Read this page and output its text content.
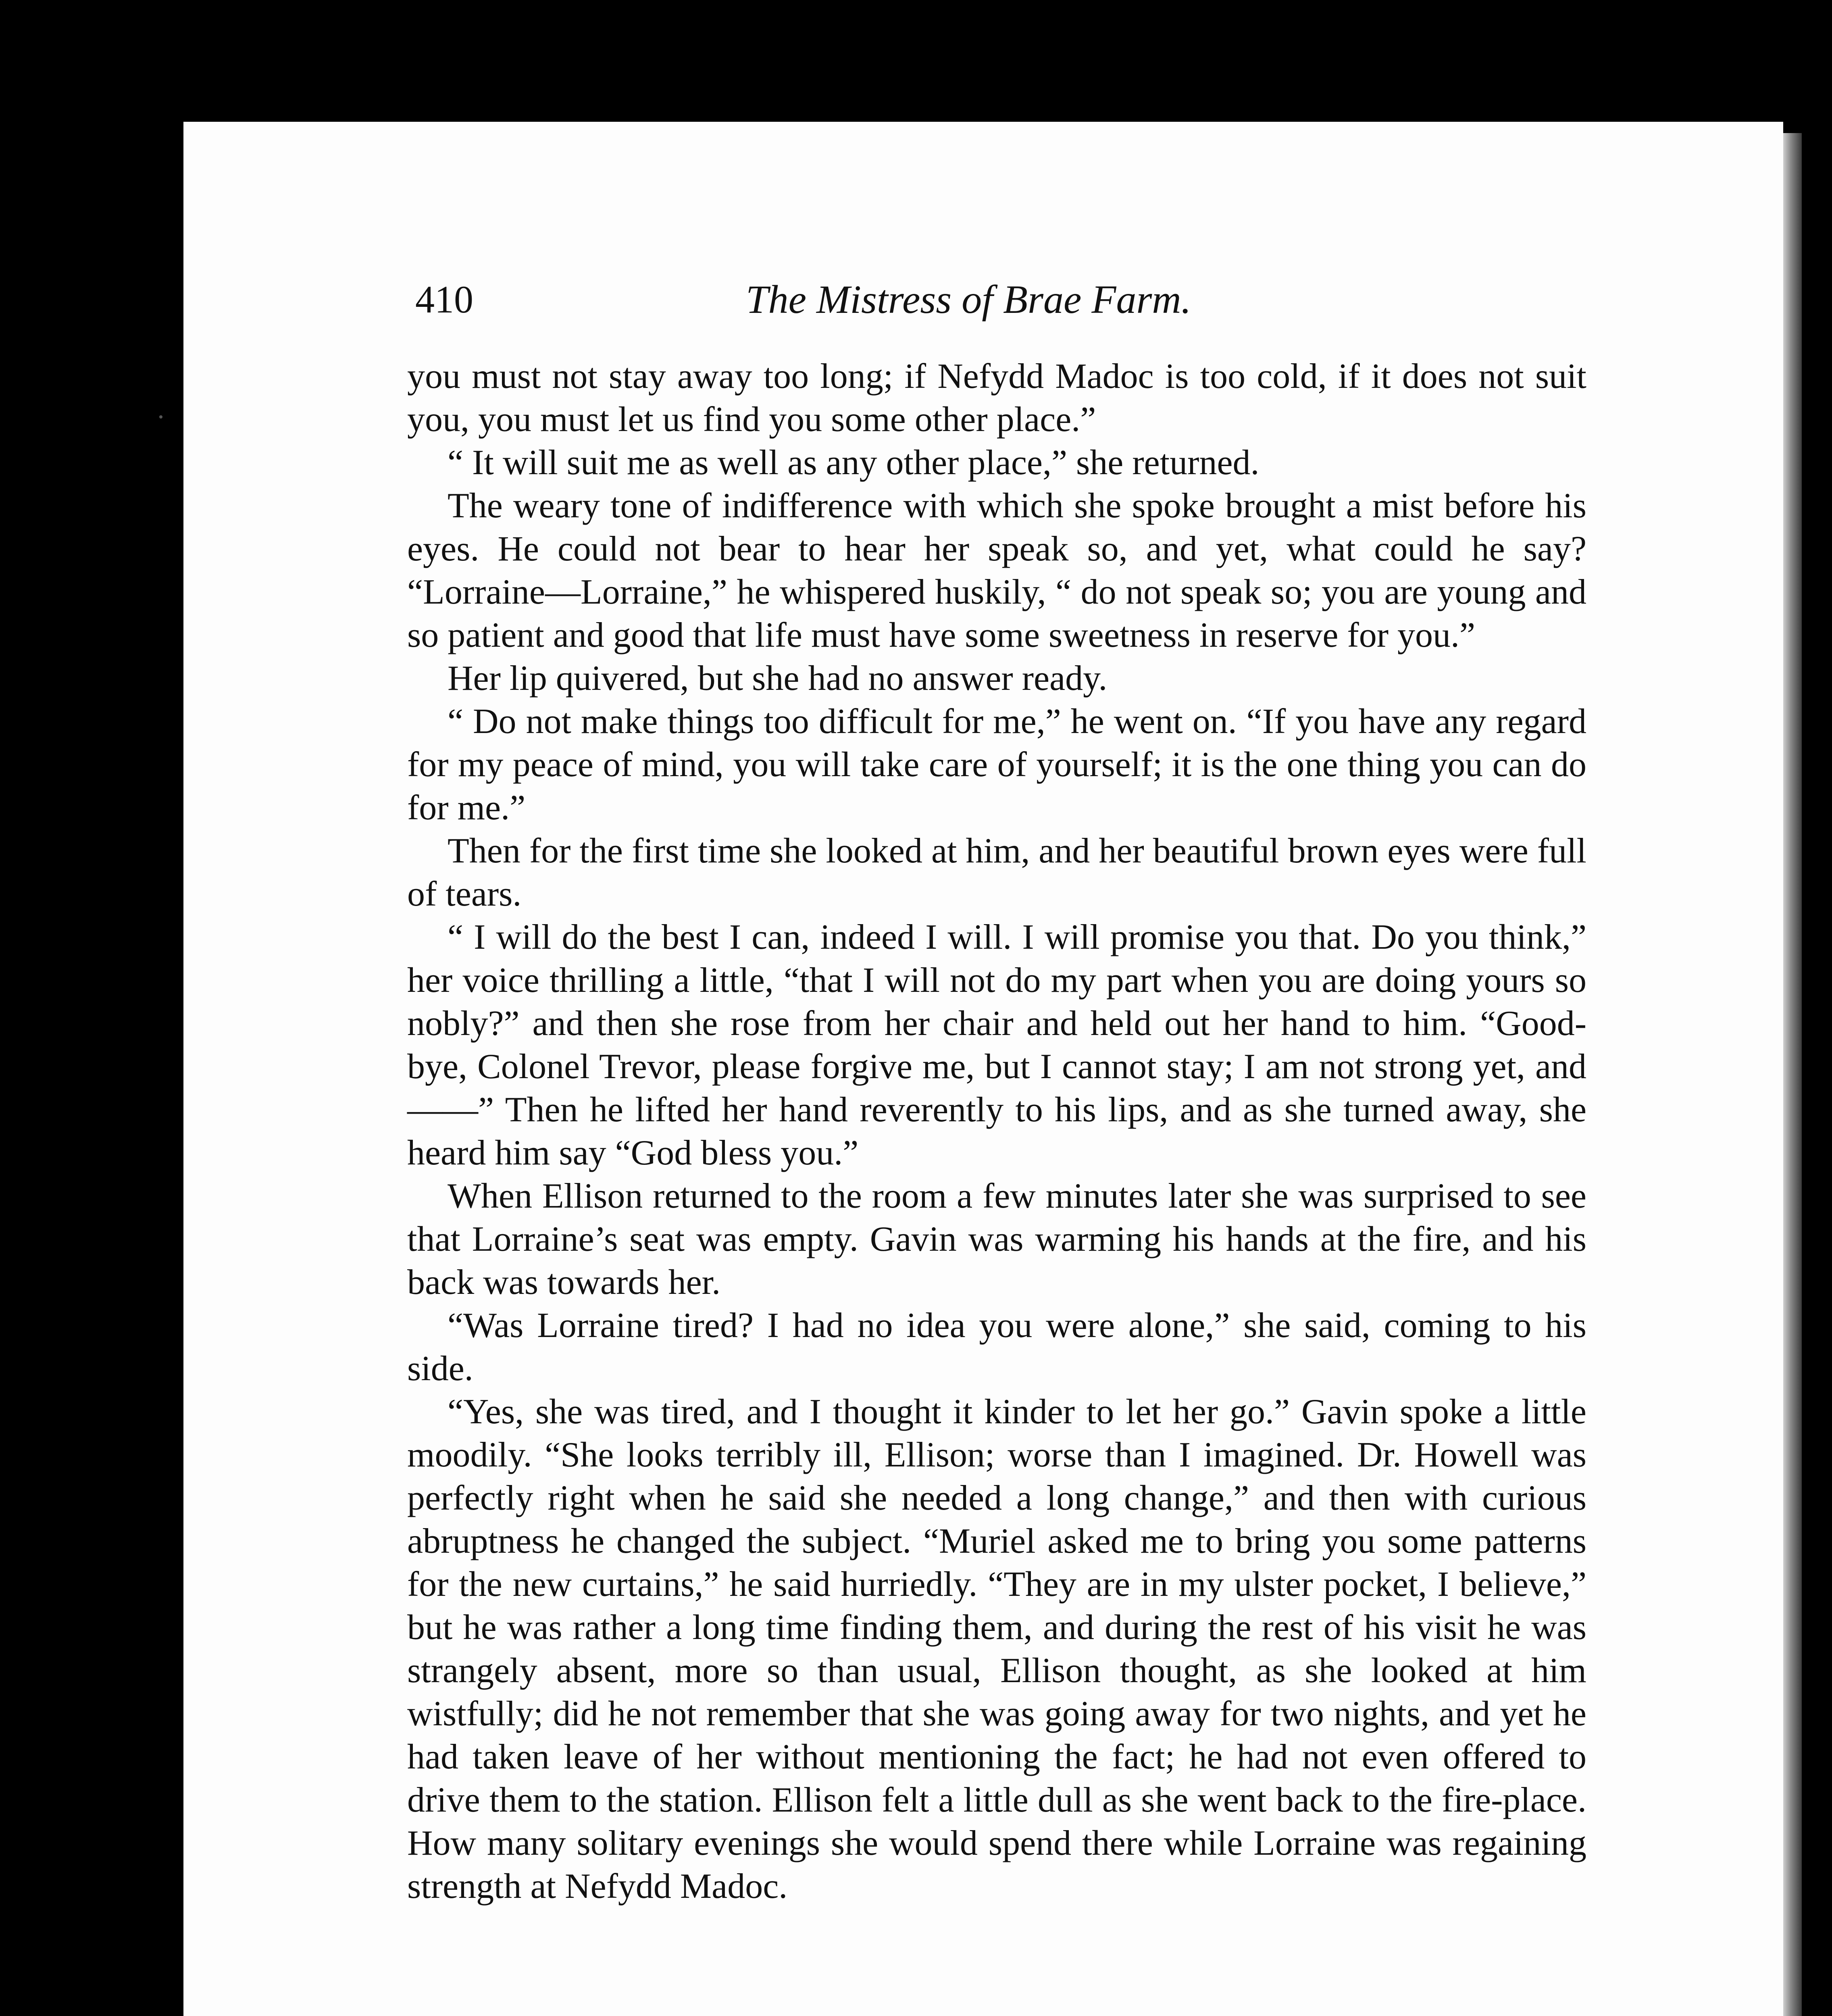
410	The Mistress of Brae Farm.

you must not stay away too long; if Nefydd Madoc is too cold, if it does not suit you, you must let us find you some other place.”

“ It will suit me as well as any other place,” she returned.

The weary tone of indifference with which she spoke brought a mist before his eyes. He could not bear to hear her speak so, and yet, what could he say? “Lorraine—Lorraine,” he whispered huskily, “ do not speak so; you are young and so patient and good that life must have some sweetness in reserve for you.”

Her lip quivered, but she had no answer ready.

“ Do not make things too difficult for me,” he went on. “If you have any regard for my peace of mind, you will take care of yourself; it is the one thing you can do for me.”

Then for the first time she looked at him, and her beautiful brown eyes were full of tears.

“ I will do the best I can, indeed I will. I will promise you that. Do you think,” her voice thrilling a little, “that I will not do my part when you are doing yours so nobly?” and then she rose from her chair and held out her hand to him. “Good-bye, Colonel Trevor, please forgive me, but I cannot stay; I am not strong yet, and——” Then he lifted her hand reverently to his lips, and as she turned away, she heard him say “God bless you.”

When Ellison returned to the room a few minutes later she was surprised to see that Lorraine’s seat was empty. Gavin was warming his hands at the fire, and his back was towards her.

“Was Lorraine tired? I had no idea you were alone,” she said, coming to his side.

“Yes, she was tired, and I thought it kinder to let her go.” Gavin spoke a little moodily. “She looks terribly ill, Ellison; worse than I imagined. Dr. Howell was perfectly right when he said she needed a long change,” and then with curious abruptness he changed the subject. “Muriel asked me to bring you some patterns for the new curtains,” he said hurriedly. “They are in my ulster pocket, I believe,” but he was rather a long time finding them, and during the rest of his visit he was strangely absent, more so than usual, Ellison thought, as she looked at him wistfully; did he not remember that she was going away for two nights, and yet he had taken leave of her without mentioning the fact; he had not even offered to drive them to the station. Ellison felt a little dull as she went back to the fire-place. How many solitary evenings she would spend there while Lorraine was regaining strength at Nefydd Madoc.
